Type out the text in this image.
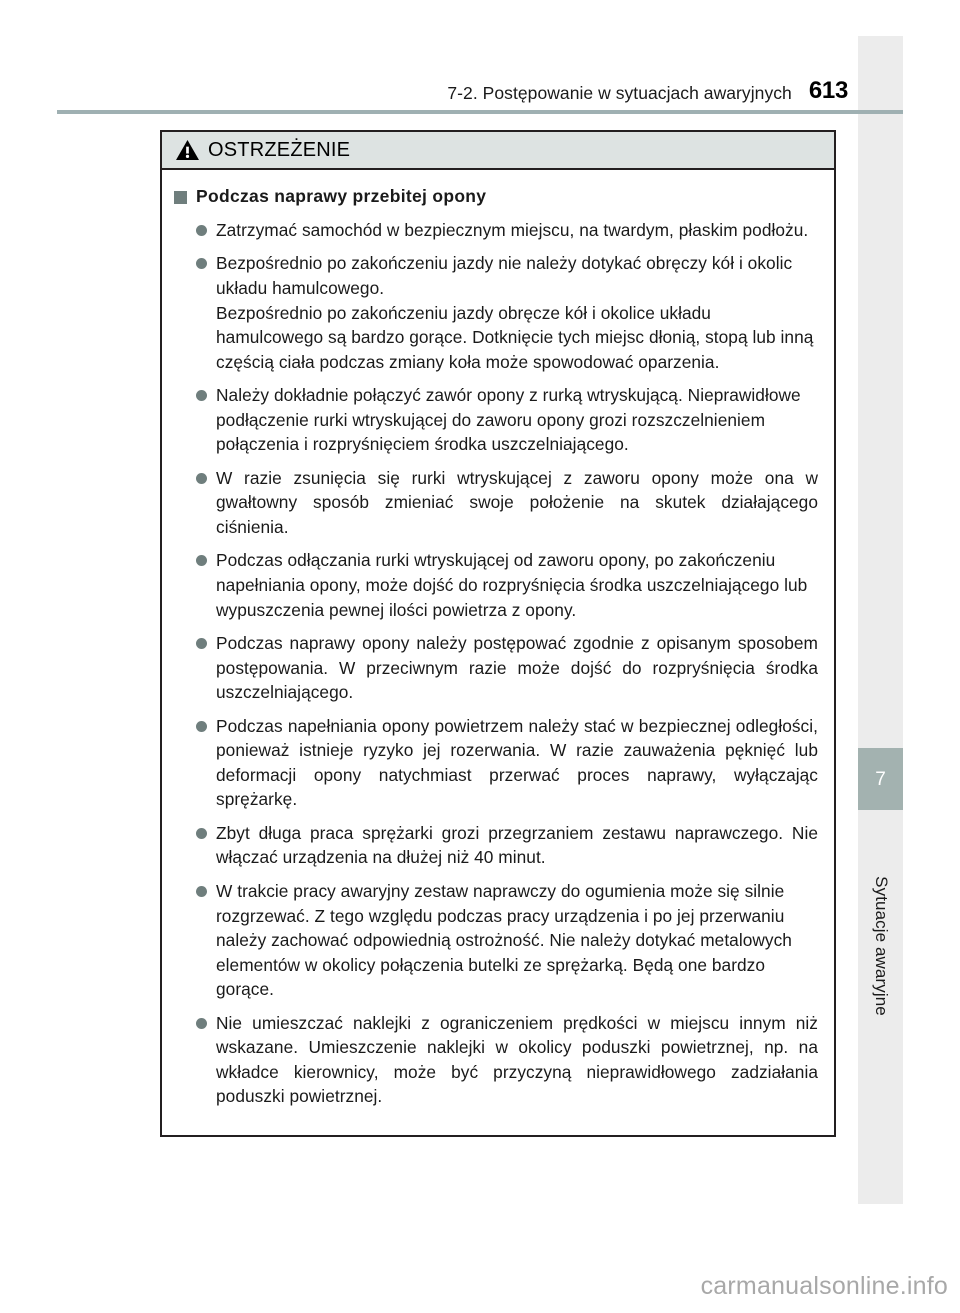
7
Sytuacje awaryjne
7-2. Postępowanie w sytuacjach awaryjnych 613
OSTRZEŻENIE
Podczas naprawy przebitej opony

Zatrzymać samochód w bezpiecznym miejscu, na twardym, płaskim podłożu.

Bezpośrednio po zakończeniu jazdy nie należy dotykać obręczy kół i okolic układu hamulcowego.

Bezpośrednio po zakończeniu jazdy obręcze kół i okolice układu hamulcowego są bardzo gorące. Dotknięcie tych miejsc dłonią, stopą lub inną częścią ciała podczas zmiany koła może spowodować oparzenia.

Należy dokładnie połączyć zawór opony z rurką wtryskującą. Nieprawidłowe podłączenie rurki wtryskującej do zaworu opony grozi rozszczelnieniem połączenia i rozpryśnięciem środka uszczelniającego.

W razie zsunięcia się rurki wtryskującej z zaworu opony może ona w gwałtowny sposób zmieniać swoje położenie na skutek działającego ciśnienia.

Podczas odłączania rurki wtryskującej od zaworu opony, po zakończeniu napełniania opony, może dojść do rozpryśnięcia środka uszczelniającego lub wypuszczenia pewnej ilości powietrza z opony.

Podczas naprawy opony należy postępować zgodnie z opisanym sposobem postępowania. W przeciwnym razie może dojść do rozpryśnięcia środka uszczelniającego.

Podczas napełniania opony powietrzem należy stać w bezpiecznej odległości, ponieważ istnieje ryzyko jej rozerwania. W razie zauważenia pęknięć lub deformacji opony natychmiast przerwać proces naprawy, wyłączając sprężarkę.

Zbyt długa praca sprężarki grozi przegrzaniem zestawu naprawczego. Nie włączać urządzenia na dłużej niż 40 minut.

W trakcie pracy awaryjny zestaw naprawczy do ogumienia może się silnie rozgrzewać. Z tego względu podczas pracy urządzenia i po jej przerwaniu należy zachować odpowiednią ostrożność. Nie należy dotykać metalowych elementów w okolicy połączenia butelki ze sprężarką. Będą one bardzo gorące.

Nie umieszczać naklejki z ograniczeniem prędkości w miejscu innym niż wskazane. Umieszczenie naklejki w okolicy poduszki powietrznej, np. na wkładce kierownicy, może być przyczyną nieprawidłowego zadziałania poduszki powietrznej.

carmanualsonline.info
